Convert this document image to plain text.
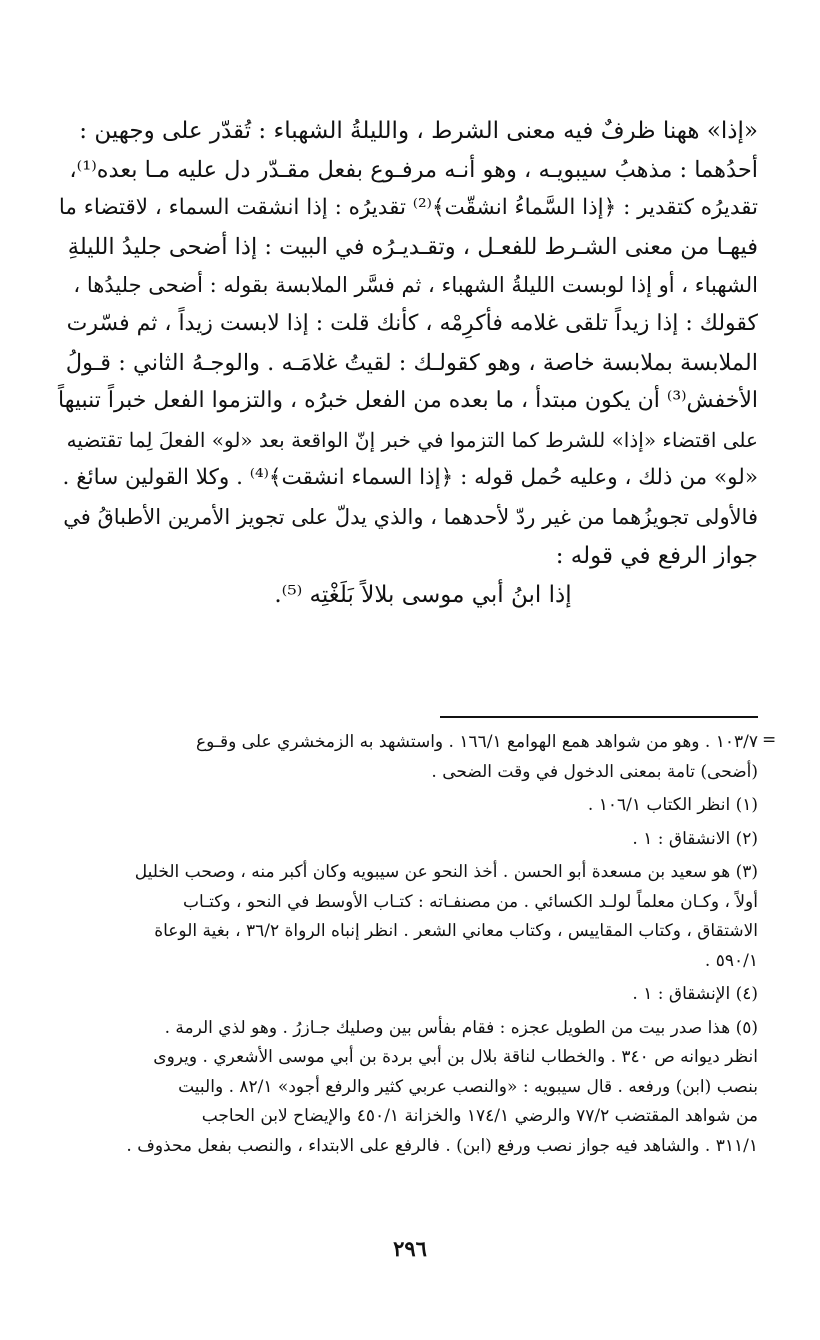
«إذا» ههنا ظرفٌ فيه معنى الشرط ، والليلةُ الشهباء : تُقدّر على وجهين :
أحدُهما : مذهبُ سيبويـه ، وهو أنـه مرفـوع بفعل مقـدّر دل عليه مـا بعده⁽¹⁾،
تقديرُه كتقدير : ﴿إذا السَّماءُ انشقّت﴾⁽²⁾ تقديرُه : إذا انشقت السماء ، لاقتضاء ما
فيهـا من معنى الشـرط للفعـل ، وتقـديـرُه في البيت : إذا أضحى جليدُ الليلةِ
الشهباء ، أو إذا لوبست الليلةُ الشهباء ، ثم فسَّر الملابسة بقوله : أضحى جليدُها ،
كقولك : إذا زيداً تلقى غلامه فأكرِمْه ، كأنك قلت : إذا لابست زيداً ، ثم فسّرت
الملابسة بملابسة خاصة ، وهو كقولـك : لقيتُ غلامَـه . والوجـهُ الثاني : قـولُ
الأخفش⁽³⁾ أن يكون مبتدأ ، ما بعده من الفعل خبرُه ، والتزموا الفعل خبراً تنبيهاً
على اقتضاء «إذا» للشرط كما التزموا في خبر إنّ الواقعة بعد «لو» الفعلَ لِما تقتضيه
«لو» من ذلك ، وعليه حُمل قوله : ﴿إذا السماء انشقت﴾⁽⁴⁾ . وكلا القولين سائغ .
فالأولى تجويزُهما من غير ردّ لأحدهما ، والذي يدلّ على تجويز الأمرين الأطباقُ في
جواز الرفع في قوله :
إذا ابنُ أبي موسى بلالاً بَلَغْتِه ⁽⁵⁾.
=
١٠٣/٧ . وهو من شواهد همع الهوامع ١٦٦/١ . واستشهد به الزمخشري على وقـوع
(أضحى) تامة بمعنى الدخول في وقت الضحى .
(١) انظر الكتاب ١٠٦/١ .
(٢) الانشقاق : ١ .
(٣) هو سعيد بن مسعدة أبو الحسن . أخذ النحو عن سيبويه وكان أكبر منه ، وصحب الخليل
أولاً ، وكـان معلماً لولـد الكسائي . من مصنفـاته : كتـاب الأوسط في النحو ، وكتـاب
الاشتقاق ، وكتاب المقاييس ، وكتاب معاني الشعر . انظر إنباه الرواة ٣٦/٢ ، بغية الوعاة
٥٩٠/١ .
(٤) الإنشقاق : ١ .
(٥) هذا صدر بيت من الطويل عجزه : فقام بفأس بين وصليك جـازرُ . وهو لذي الرمة .
انظر ديوانه ص ٣٤٠ . والخطاب لناقة بلال بن أبي بردة بن أبي موسى الأشعري . ويروى
بنصب (ابن) ورفعه . قال سيبويه : «والنصب عربي كثير والرفع أجود» ٨٢/١ . والبيت
من شواهد المقتضب ٧٧/٢ والرضي ١٧٤/١ والخزانة ٤٥٠/١ والإيضاح لابن الحاجب
٣١١/١ . والشاهد فيه جواز نصب ورفع (ابن) . فالرفع على الابتداء ، والنصب بفعل محذوف .
٢٩٦
